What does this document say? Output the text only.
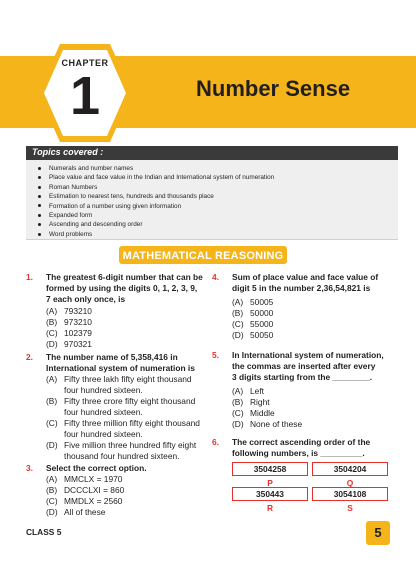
CHAPTER
1	Number Sense
Topics covered :
Numerals and number names
Place value and face value in the Indian and International system of numeration
Roman Numbers
Estimation to nearest tens, hundreds and thousands place
Formation of a number using given information
Expanded form
Ascending and descending order
Word problems
MATHEMATICAL REASONING
1. The greatest 6-digit number that can be
formed by using the digits 0, 1, 2, 3, 9,
7 each only once, is
(A) 793210
(B) 973210
(C) 102379
(D) 970321
2. The number name of 5,358,416 in
International system of numeration is
(A) Fifty three lakh fifty eight thousand
four hundred sixteen.
(B) Fifty three crore fifty eight thousand
four hundred sixteen.
(C) Fifty three million fifty eight thousand
four hundred sixteen.
(D) Five million three hundred fifty eight
thousand four hundred sixteen.
3. Select the correct option.
(A) MMCLX = 1970
(B) DCCCLXI = 860
(C) MMDLX = 2560
(D) All of these
4. Sum of place value and face value of
digit 5 in the number 2,36,54,821 is
(A) 50005
(B) 50000
(C) 55000
(D) 50050
5. In International system of numeration,
the commas are inserted after every
3 digits starting from the ________.
(A) Left
(B) Right
(C) Middle
(D) None of these
6. The correct ascending order of the
following numbers, is _________.
3504258	3504204
P	Q
350443	3054108
R	S
CLASS 5	5
